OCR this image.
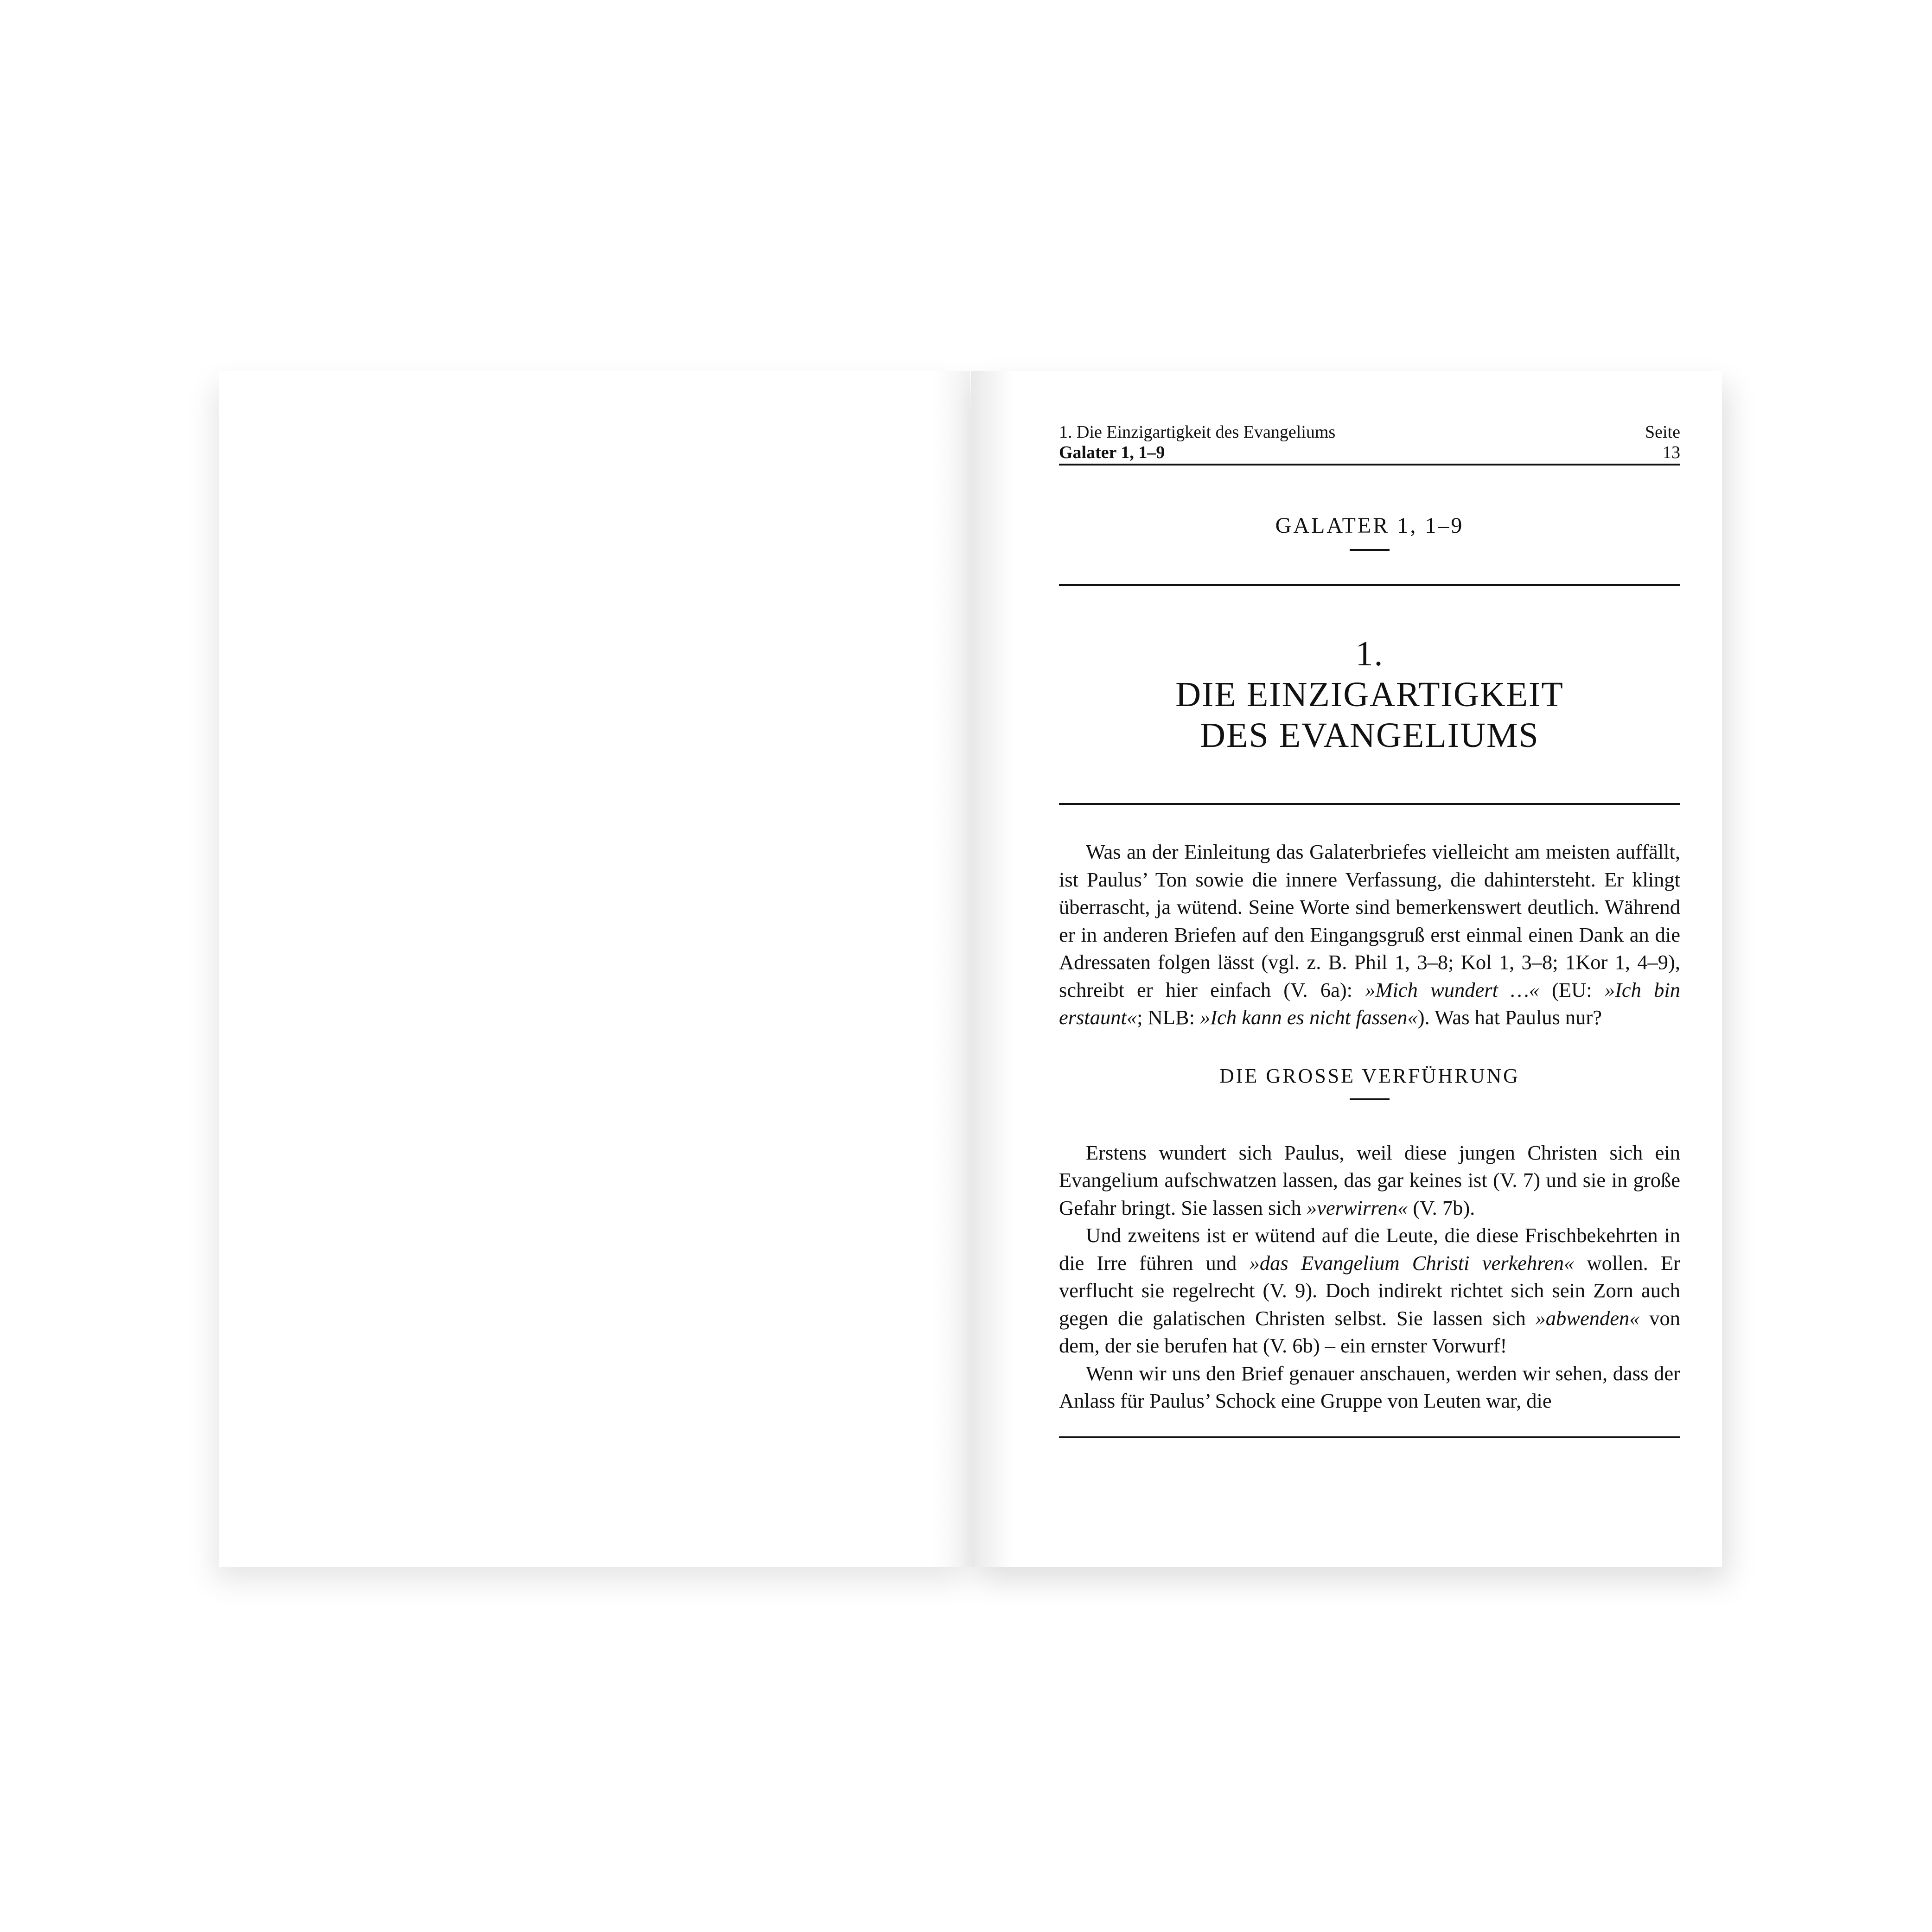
1. Die Einzigartigkeit des Evangeliums
Galater 1, 1–9
Seite
13
GALATER 1, 1–9
1.
DIE EINZIGARTIGKEIT
DES EVANGELIUMS

Was an der Einleitung das Galaterbriefes vielleicht am meisten auffällt, ist Paulus’ Ton sowie die innere Verfassung, die dahintersteht. Er klingt überrascht, ja wütend. Seine Worte sind bemerkenswert deutlich. Während er in anderen Briefen auf den Eingangsgruß erst einmal einen Dank an die Adressaten folgen lässt (vgl. z. B. Phil 1, 3–8; Kol 1, 3–8; 1Kor 1, 4–9), schreibt er hier einfach (V. 6a): »Mich wundert …« (EU: »Ich bin erstaunt«; NLB: »Ich kann es nicht fassen«). Was hat Paulus nur?

DIE GROSSE VERFÜHRUNG

Erstens wundert sich Paulus, weil diese jungen Christen sich ein Evangelium aufschwatzen lassen, das gar keines ist (V. 7) und sie in große Gefahr bringt. Sie lassen sich »verwirren« (V. 7b).

Und zweitens ist er wütend auf die Leute, die diese Frischbekehrten in die Irre führen und »das Evangelium Christi verkehren« wollen. Er verflucht sie regelrecht (V. 9). Doch indirekt richtet sich sein Zorn auch gegen die galatischen Christen selbst. Sie lassen sich »abwenden« von dem, der sie berufen hat (V. 6b) – ein ernster Vorwurf!

Wenn wir uns den Brief genauer anschauen, werden wir sehen, dass der Anlass für Paulus’ Schock eine Gruppe von Leuten war, die
